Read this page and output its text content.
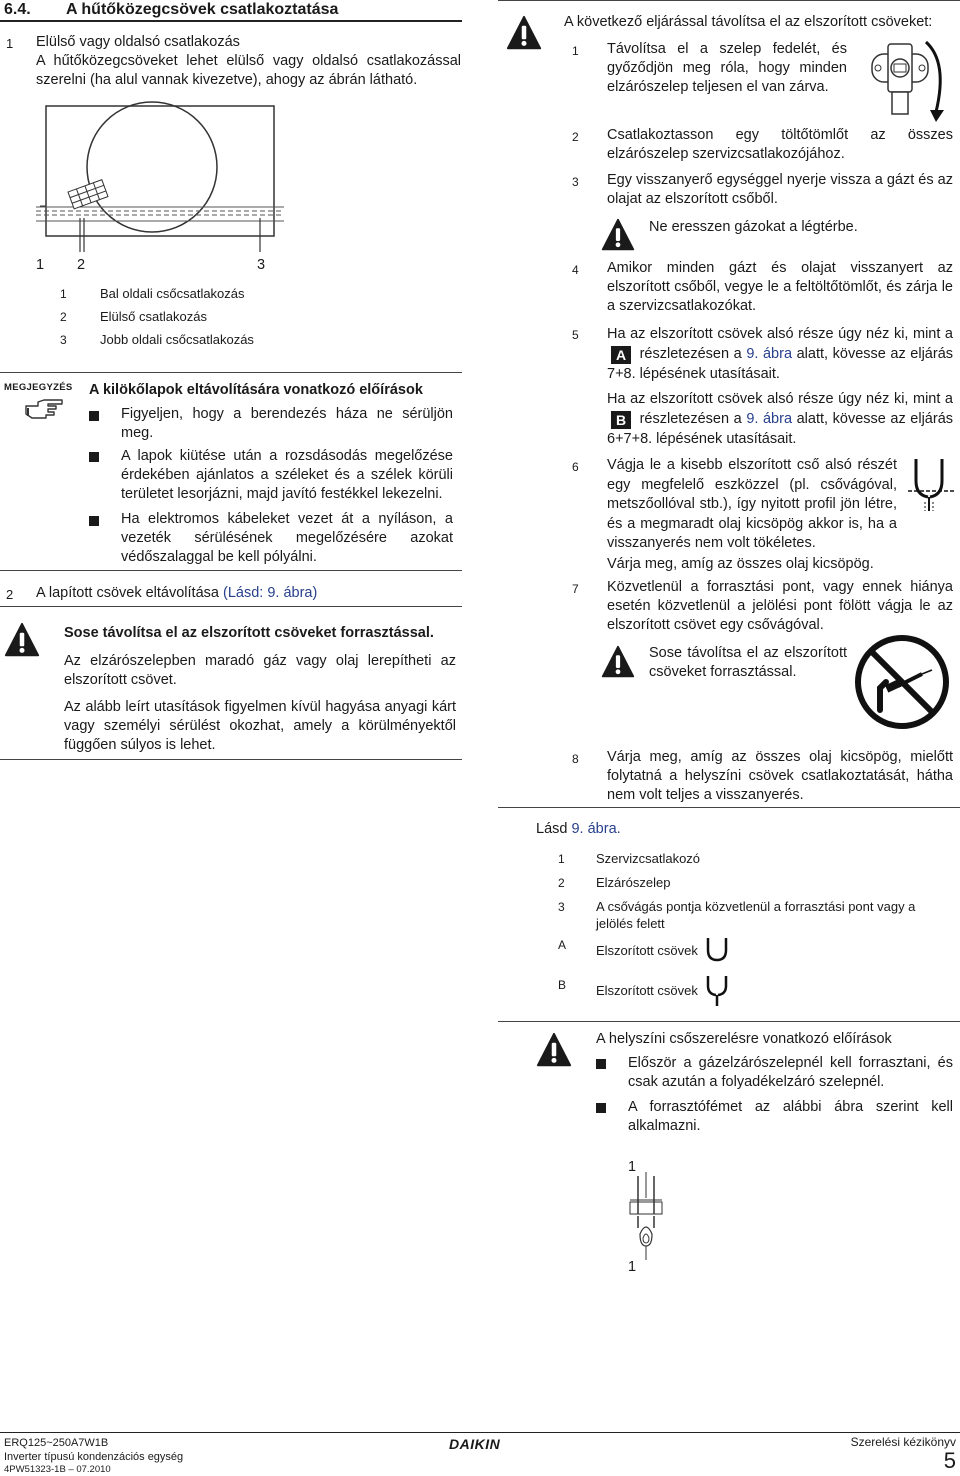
6.4. A hűtőközegcsövek csatlakoztatása
1 Elülső vagy oldalsó csatlakozás
A hűtőközegcsöveket lehet elülső vagy oldalsó csatlakozással szerelni (ha alul vannak kivezetve), ahogy az ábrán látható.
1 2	3
1	Bal oldali csőcsatlakozás
2	Elülső csatlakozás
3	Jobb oldali csőcsatlakozás
MEGJEGYZÉS A kilökőlapok eltávolítására vonatkozó előírások
Figyeljen, hogy a berendezés háza ne sérüljön meg.
A lapok kiütése után a rozsdásodás megelőzése érdekében ajánlatos a széleket és a szélek körüli területet lesorjázni, majd javító festékkel lekezelni.
Ha elektromos kábeleket vezet át a nyíláson, a vezeték sérülésének megelőzésére azokat védőszalaggal be kell pólyálni.
2 A lapított csövek eltávolítása (Lásd: 9. ábra)
Sose távolítsa el az elszorított csöveket forrasztással.
Az elzárószelepben maradó gáz vagy olaj lerepítheti az elszorított csövet.
Az alább leírt utasítások figyelmen kívül hagyása anyagi kárt vagy személyi sérülést okozhat, amely a körülményektől függően súlyos is lehet.
A következő eljárással távolítsa el az elszorított csöveket:
1 Távolítsa el a szelep fedelét, és győződjön meg róla, hogy minden elzárószelep teljesen el van zárva.
2 Csatlakoztasson egy töltőtömlőt az összes elzárószelep szervizcsatlakozójához.
3 Egy visszanyerő egységgel nyerje vissza a gázt és az olajat az elszorított csőből.
Ne eresszen gázokat a légtérbe.
4 Amikor minden gázt és olajat visszanyert az elszorított csőből, vegye le a feltöltőtömlőt, és zárja le a szervizcsatlakozókat.
5 Ha az elszorított csövek alsó része úgy néz ki, mint a A részletezésen a 9. ábra alatt, kövesse az eljárás 7+8. lépésének utasításait.
Ha az elszorított csövek alsó része úgy néz ki, mint a B részletezésen a 9. ábra alatt, kövesse az eljárás 6+7+8. lépésének utasításait.
6 Vágja le a kisebb elszorított cső alsó részét egy megfelelő eszközzel (pl. csővágóval, metszőollóval stb.), így nyitott profil jön létre, és a megmaradt olaj kicsöpög akkor is, ha a visszanyerés nem volt tökéletes.
Várja meg, amíg az összes olaj kicsöpög.
7 Közvetlenül a forrasztási pont, vagy ennek hiánya esetén közvetlenül a jelölési pont fölött vágja le az elszorított csövet egy csővágóval.
Sose távolítsa el az elszorított csöveket forrasztással.
8 Várja meg, amíg az összes olaj kicsöpög, mielőtt folytatná a helyszíni csövek csatlakoztatását, hátha nem volt teljes a visszanyerés.
Lásd 9. ábra.
1 Szervizcsatlakozó
2 Elzárószelep
3 A csővágás pontja közvetlenül a forrasztási pont vagy a jelölés felett
A Elszorított csövek
B Elszorított csövek
A helyszíni csőszerelésre vonatkozó előírások
Először a gázelzárószelepnél kell forrasztani, és csak azután a folyadékelzáró szelepnél.
A forrasztófémet az alábbi ábra szerint kell alkalmazni.
1
1
ERQ125~250A7W1B
Inverter típusú kondenzációs egység
4PW51323-1B – 07.2010
DAIKIN	Szerelési kézikönyv
5
